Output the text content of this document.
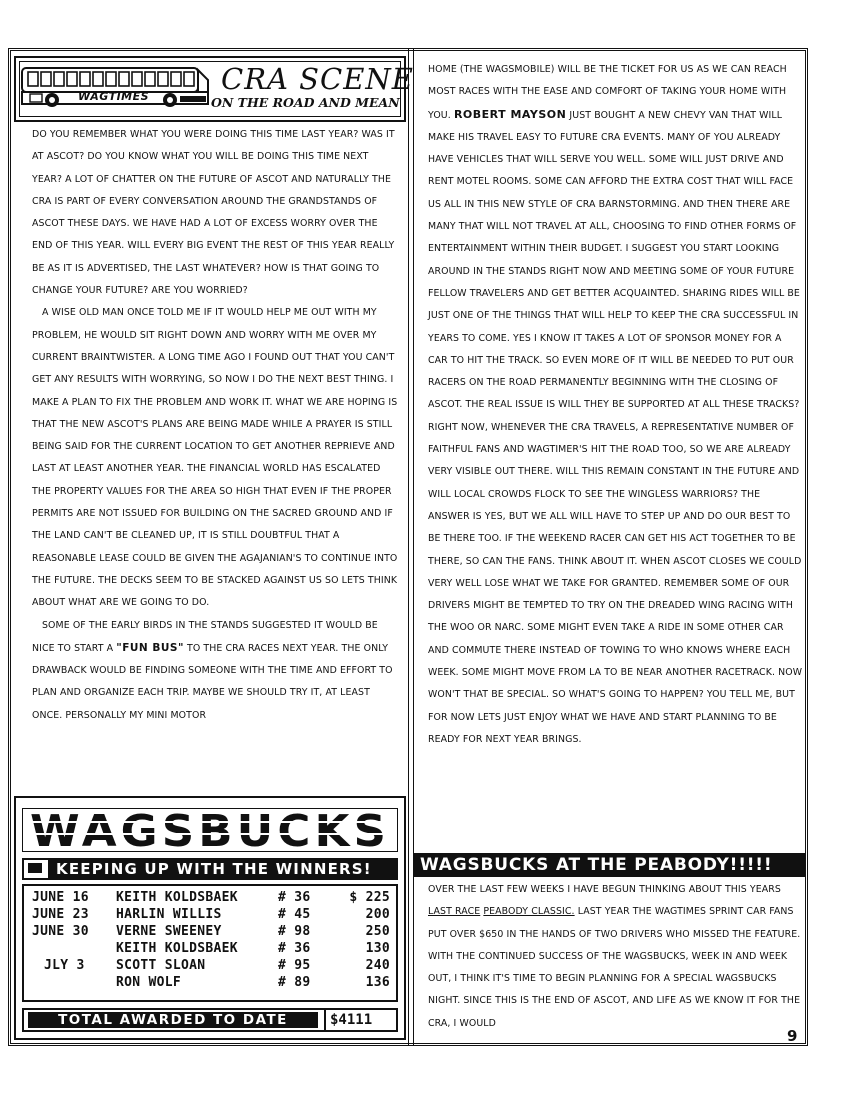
WAGTIMES
CRA SCENE
ON THE ROAD AND MEAN

DO YOU REMEMBER WHAT YOU WERE DOING THIS TIME LAST YEAR? WAS IT AT ASCOT? DO YOU KNOW WHAT YOU WILL BE DOING THIS TIME NEXT YEAR? A LOT OF CHATTER ON THE FUTURE OF ASCOT AND NATURALLY THE CRA IS PART OF EVERY CONVERSATION AROUND THE GRANDSTANDS OF ASCOT THESE DAYS. WE HAVE HAD A LOT OF EXCESS WORRY OVER THE END OF THIS YEAR. WILL EVERY BIG EVENT THE REST OF THIS YEAR REALLY BE AS IT IS ADVERTISED, THE LAST WHATEVER? HOW IS THAT GOING TO CHANGE YOUR FUTURE? ARE YOU WORRIED?

A WISE OLD MAN ONCE TOLD ME IF IT WOULD HELP ME OUT WITH MY PROBLEM, HE WOULD SIT RIGHT DOWN AND WORRY WITH ME OVER MY CURRENT BRAINTWISTER. A LONG TIME AGO I FOUND OUT THAT YOU CAN'T GET ANY RESULTS WITH WORRYING, SO NOW I DO THE NEXT BEST THING. I MAKE A PLAN TO FIX THE PROBLEM AND WORK IT. WHAT WE ARE HOPING IS THAT THE NEW ASCOT'S PLANS ARE BEING MADE WHILE A PRAYER IS STILL BEING SAID FOR THE CURRENT LOCATION TO GET ANOTHER REPRIEVE AND LAST AT LEAST ANOTHER YEAR. THE FINANCIAL WORLD HAS ESCALATED THE PROPERTY VALUES FOR THE AREA SO HIGH THAT EVEN IF THE PROPER PERMITS ARE NOT ISSUED FOR BUILDING ON THE SACRED GROUND AND IF THE LAND CAN'T BE CLEANED UP, IT IS STILL DOUBTFUL THAT A REASONABLE LEASE COULD BE GIVEN THE AGAJANIAN'S TO CONTINUE INTO THE FUTURE. THE DECKS SEEM TO BE STACKED AGAINST US SO LETS THINK ABOUT WHAT ARE WE GOING TO DO.

SOME OF THE EARLY BIRDS IN THE STANDS SUGGESTED IT WOULD BE NICE TO START A "FUN BUS" TO THE CRA RACES NEXT YEAR. THE ONLY DRAWBACK WOULD BE FINDING SOMEONE WITH THE TIME AND EFFORT TO PLAN AND ORGANIZE EACH TRIP. MAYBE WE SHOULD TRY IT, AT LEAST ONCE. PERSONALLY MY MINI MOTOR

HOME (THE WAGSMOBILE) WILL BE THE TICKET FOR US AS WE CAN REACH MOST RACES WITH THE EASE AND COMFORT OF TAKING YOUR HOME WITH YOU. ROBERT MAYSON JUST BOUGHT A NEW CHEVY VAN THAT WILL MAKE HIS TRAVEL EASY TO FUTURE CRA EVENTS. MANY OF YOU ALREADY HAVE VEHICLES THAT WILL SERVE YOU WELL. SOME WILL JUST DRIVE AND RENT MOTEL ROOMS. SOME CAN AFFORD THE EXTRA COST THAT WILL FACE US ALL IN THIS NEW STYLE OF CRA BARNSTORMING. AND THEN THERE ARE MANY THAT WILL NOT TRAVEL AT ALL, CHOOSING TO FIND OTHER FORMS OF ENTERTAINMENT WITHIN THEIR BUDGET. I SUGGEST YOU START LOOKING AROUND IN THE STANDS RIGHT NOW AND MEETING SOME OF YOUR FUTURE FELLOW TRAVELERS AND GET BETTER ACQUAINTED. SHARING RIDES WILL BE JUST ONE OF THE THINGS THAT WILL HELP TO KEEP THE CRA SUCCESSFUL IN YEARS TO COME. YES I KNOW IT TAKES A LOT OF SPONSOR MONEY FOR A CAR TO HIT THE TRACK. SO EVEN MORE OF IT WILL BE NEEDED TO PUT OUR RACERS ON THE ROAD PERMANENTLY BEGINNING WITH THE CLOSING OF ASCOT. THE REAL ISSUE IS WILL THEY BE SUPPORTED AT ALL THESE TRACKS? RIGHT NOW, WHENEVER THE CRA TRAVELS, A REPRESENTATIVE NUMBER OF FAITHFUL FANS AND WAGTIMER'S HIT THE ROAD TOO, SO WE ARE ALREADY VERY VISIBLE OUT THERE. WILL THIS REMAIN CONSTANT IN THE FUTURE AND WILL LOCAL CROWDS FLOCK TO SEE THE WINGLESS WARRIORS? THE ANSWER IS YES, BUT WE ALL WILL HAVE TO STEP UP AND DO OUR BEST TO BE THERE TOO. IF THE WEEKEND RACER CAN GET HIS ACT TOGETHER TO BE THERE, SO CAN THE FANS. THINK ABOUT IT. WHEN ASCOT CLOSES WE COULD VERY WELL LOSE WHAT WE TAKE FOR GRANTED. REMEMBER SOME OF OUR DRIVERS MIGHT BE TEMPTED TO TRY ON THE DREADED WING RACING WITH THE WOO OR NARC. SOME MIGHT EVEN TAKE A RIDE IN SOME OTHER CAR AND COMMUTE THERE INSTEAD OF TOWING TO WHO KNOWS WHERE EACH WEEK. SOME MIGHT MOVE FROM LA TO BE NEAR ANOTHER RACETRACK. NOW WON'T THAT BE SPECIAL. SO WHAT'S GOING TO HAPPEN? YOU TELL ME, BUT FOR NOW LETS JUST ENJOY WHAT WE HAVE AND START PLANNING TO BE READY FOR NEXT YEAR BRINGS.

WAGSBUCKS
KEEPING UP WITH THE WINNERS!
JUNE 16	KEITH KOLDSBAEK	# 36	$ 225
JUNE 23	HARLIN WILLIS	# 45	200
JUNE 30	VERNE SWEENEY	# 98	250
KEITH KOLDSBAEK	# 36	130
JLY 3	SCOTT SLOAN	# 95	240
RON WOLF	# 89	136
TOTAL AWARDED TO DATE	$4111
WAGSBUCKS AT THE PEABODY!!!!!

OVER THE LAST FEW WEEKS I HAVE BEGUN THINKING ABOUT THIS YEARS LAST RACE PEABODY CLASSIC. LAST YEAR THE WAGTIMES SPRINT CAR FANS PUT OVER $650 IN THE HANDS OF TWO DRIVERS WHO MISSED THE FEATURE. WITH THE CONTINUED SUCCESS OF THE WAGSBUCKS, WEEK IN AND WEEK OUT, I THINK IT'S TIME TO BEGIN PLANNING FOR A SPECIAL WAGSBUCKS NIGHT. SINCE THIS IS THE END OF ASCOT, AND LIFE AS WE KNOW IT FOR THE CRA, I WOULD

9
